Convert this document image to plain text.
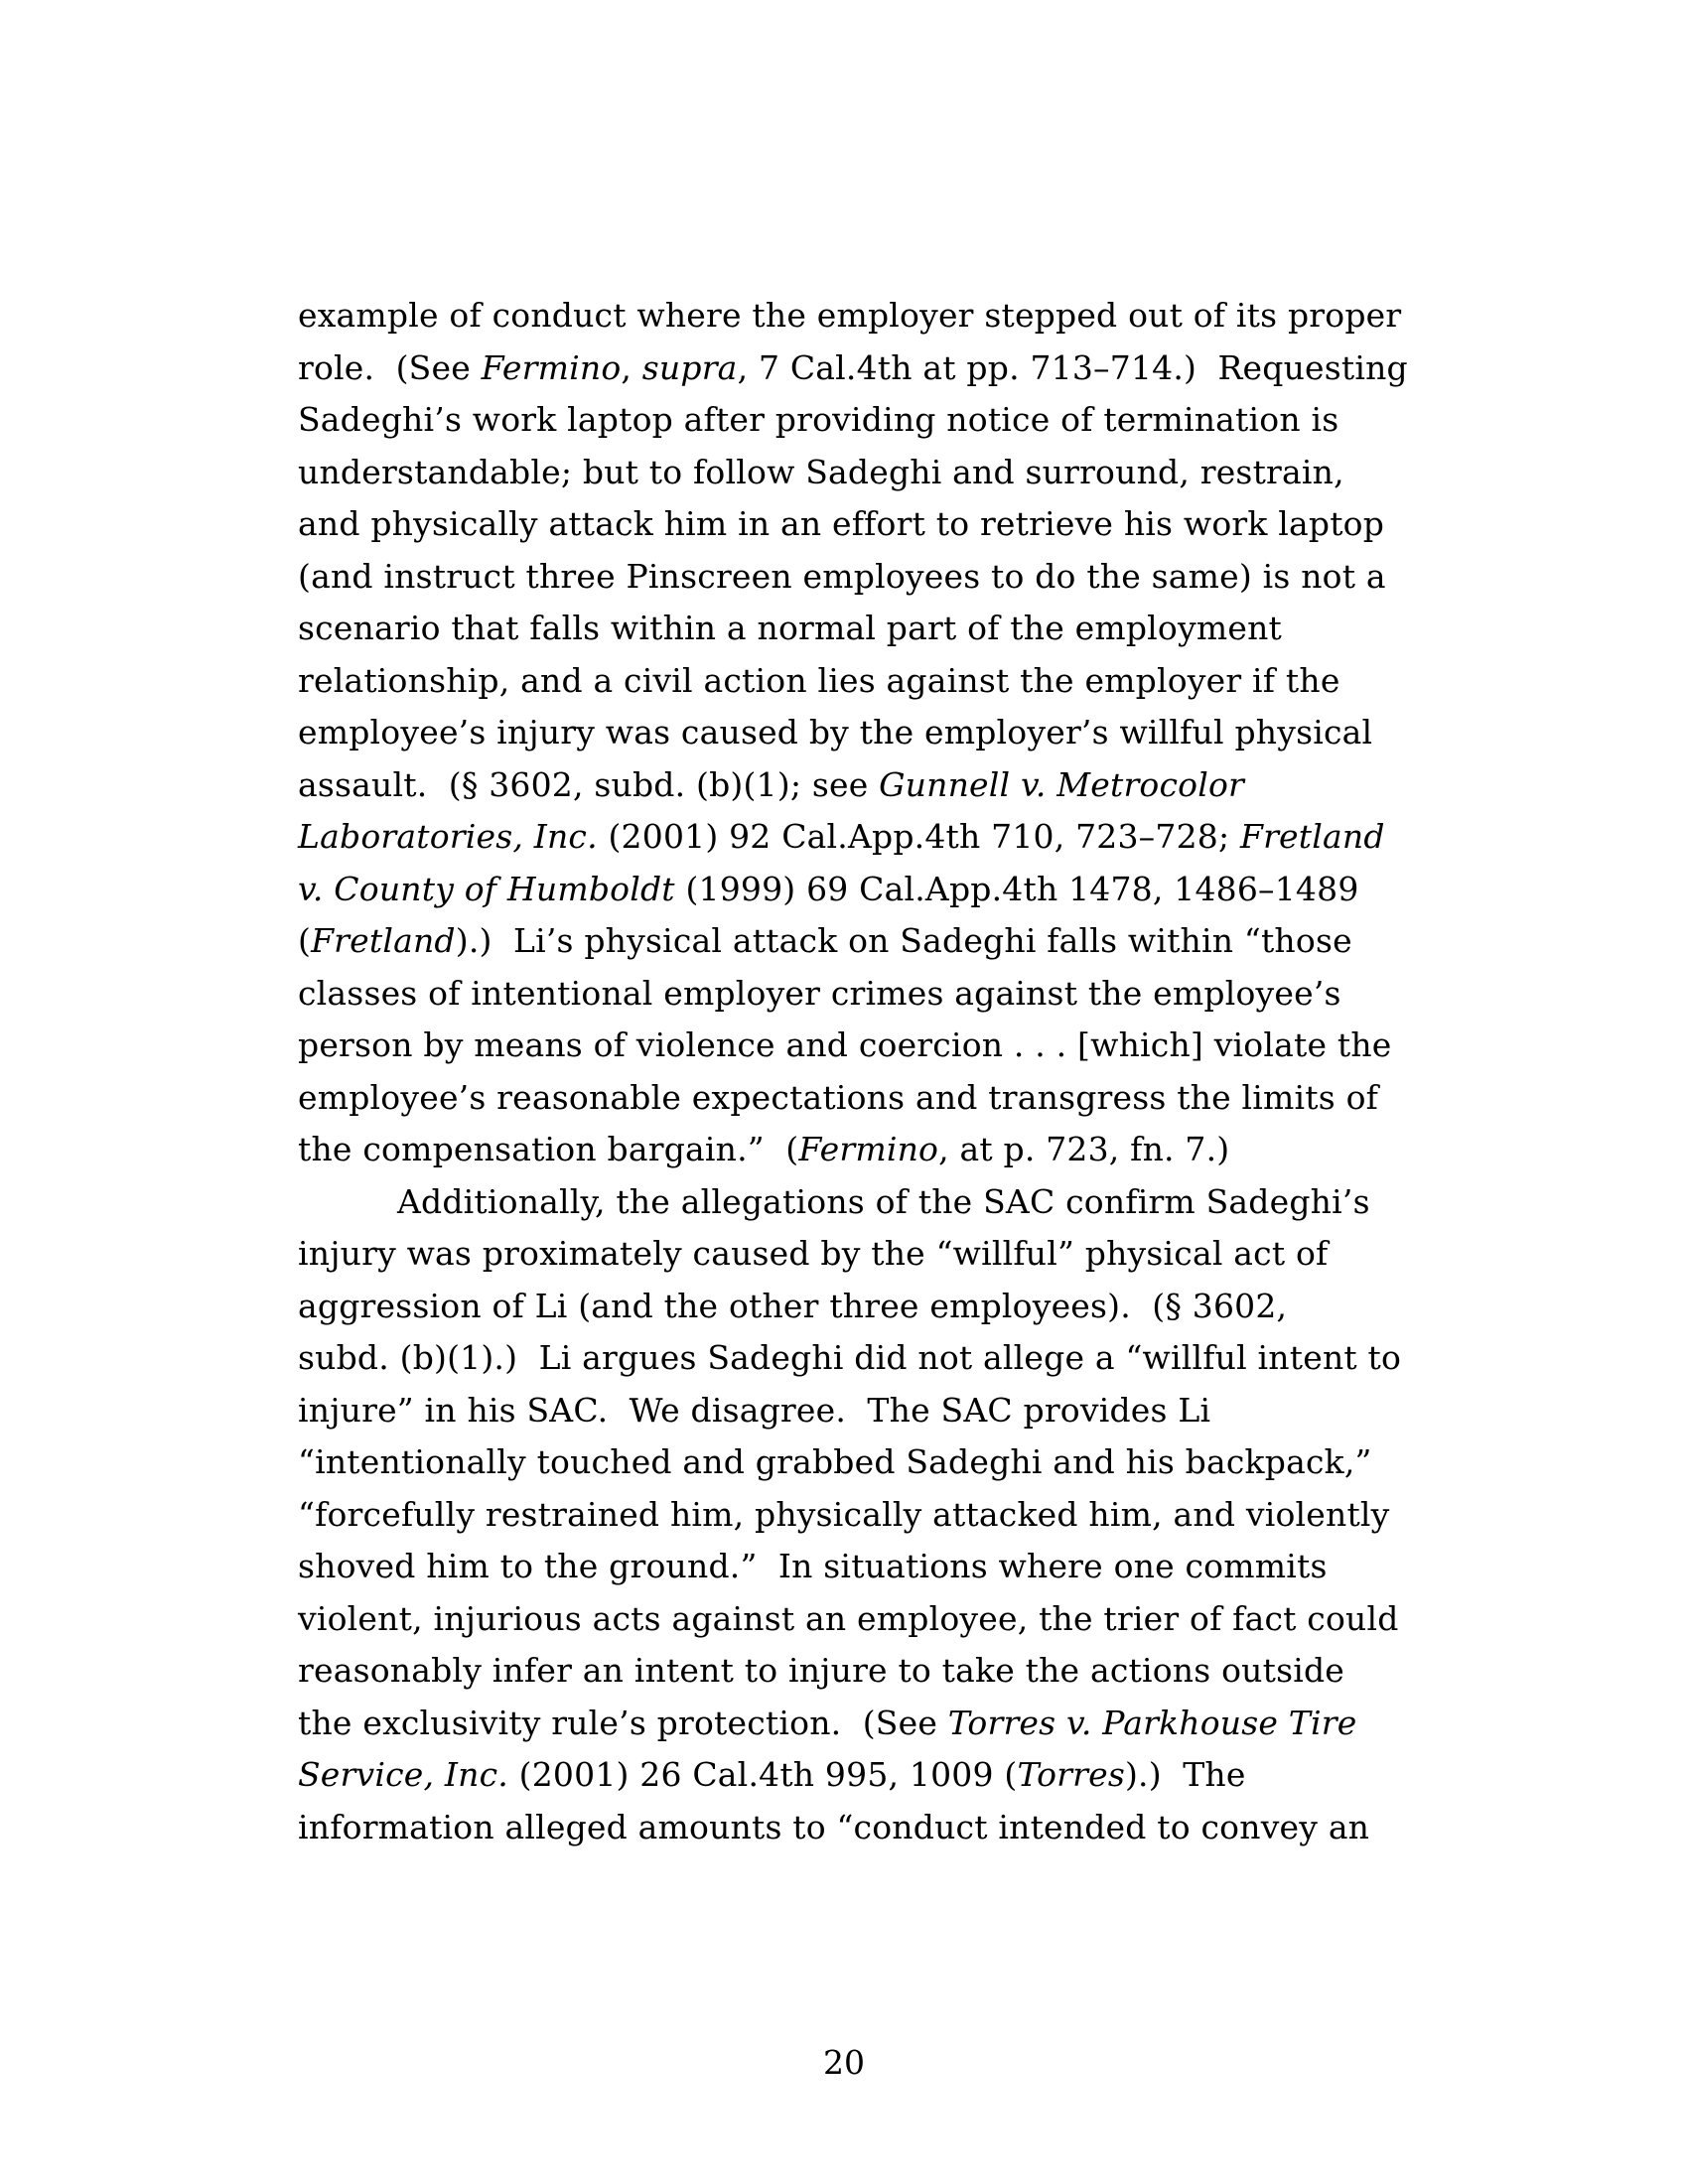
example of conduct where the employer stepped out of its proper
role.  (See Fermino, supra, 7 Cal.4th at pp. 713–714.)  Requesting
Sadeghi’s work laptop after providing notice of termination is
understandable; but to follow Sadeghi and surround, restrain,
and physically attack him in an effort to retrieve his work laptop
(and instruct three Pinscreen employees to do the same) is not a
scenario that falls within a normal part of the employment
relationship, and a civil action lies against the employer if the
employee’s injury was caused by the employer’s willful physical
assault.  (§ 3602, subd. (b)(1); see Gunnell v. Metrocolor
Laboratories, Inc. (2001) 92 Cal.App.4th 710, 723–728; Fretland
v. County of Humboldt (1999) 69 Cal.App.4th 1478, 1486–1489
(Fretland).)  Li’s physical attack on Sadeghi falls within “those
classes of intentional employer crimes against the employee’s
person by means of violence and coercion . . . [which] violate the
employee’s reasonable expectations and transgress the limits of
the compensation bargain.”  (Fermino, at p. 723, fn. 7.)
Additionally, the allegations of the SAC confirm Sadeghi’s
injury was proximately caused by the “willful” physical act of
aggression of Li (and the other three employees).  (§ 3602,
subd. (b)(1).)  Li argues Sadeghi did not allege a “willful intent to
injure” in his SAC.  We disagree.  The SAC provides Li
“intentionally touched and grabbed Sadeghi and his backpack,”
“forcefully restrained him, physically attacked him, and violently
shoved him to the ground.”  In situations where one commits
violent, injurious acts against an employee, the trier of fact could
reasonably infer an intent to injure to take the actions outside
the exclusivity rule’s protection.  (See Torres v. Parkhouse Tire
Service, Inc. (2001) 26 Cal.4th 995, 1009 (Torres).)  The
information alleged amounts to “conduct intended to convey an
20
